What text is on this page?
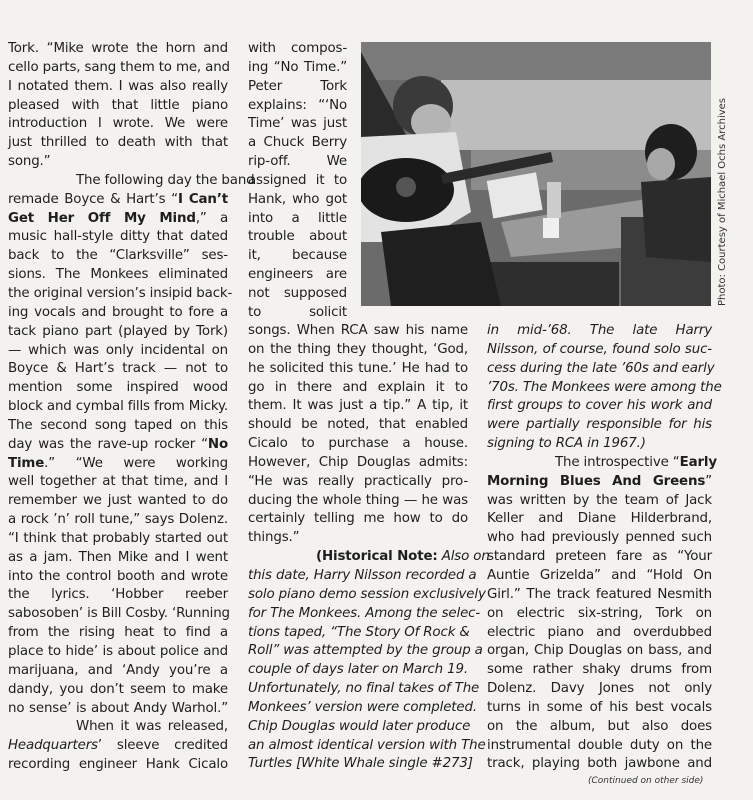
Tork. “Mike wrote the horn and
cello parts, sang them to me, and
I notated them. I was also really
pleased with that little piano
introduction I wrote. We were
just thrilled to death with that
song.”
The following day the band
remade Boyce & Hart’s “I Can’t
Get Her Off My Mind,” a
music hall-style ditty that dated
back to the “Clarksville” ses-
sions. The Monkees eliminated
the original version’s insipid back-
ing vocals and brought to fore a
tack piano part (played by Tork)
— which was only incidental on
Boyce & Hart’s track — not to
mention some inspired wood
block and cymbal fills from Micky.
The second song taped on this
day was the rave-up rocker “No
Time.” “We were working
well together at that time, and I
remember we just wanted to do
a rock ’n’ roll tune,” says Dolenz.
“I think that probably started out
as a jam. Then Mike and I went
into the control booth and wrote
the lyrics. ‘Hobber reeber
sabosoben’ is Bill Cosby. ‘Running
from the rising heat to find a
place to hide’ is about police and
marijuana, and ‘Andy you’re a
dandy, you don’t seem to make
no sense’ is about Andy Warhol.”
When it was released,
Headquarters’ sleeve credited
recording engineer Hank Cicalo
with compos-
ing “No Time.”
Peter Tork
explains: “‘No
Time’ was just
a Chuck Berry
rip-off. We
assigned it to
Hank, who got
into a little
trouble about
it, because
engineers are
not supposed
to solicit
songs. When RCA saw his name
on the thing they thought, ‘God,
he solicited this tune.’ He had to
go in there and explain it to
them. It was just a tip.” A tip, it
should be noted, that enabled
Cicalo to purchase a house.
However, Chip Douglas admits:
“He was really practically pro-
ducing the whole thing — he was
certainly telling me how to do
things.”
(Historical Note: Also on
this date, Harry Nilsson recorded a
solo piano demo session exclusively
for The Monkees. Among the selec-
tions taped, “The Story Of Rock &
Roll” was attempted by the group a
couple of days later on March 19.
Unfortunately, no final takes of The
Monkees’ version were completed.
Chip Douglas would later produce
an almost identical version with The
Turtles [White Whale single #273]
in mid-’68. The late Harry
Nilsson, of course, found solo suc-
cess during the late ’60s and early
’70s. The Monkees were among the
first groups to cover his work and
were partially responsible for his
signing to RCA in 1967.)
The introspective “Early
Morning Blues And Greens”
was written by the team of Jack
Keller and Diane Hilderbrand,
who had previously penned such
standard preteen fare as “Your
Auntie Grizelda” and “Hold On
Girl.” The track featured Nesmith
on electric six-string, Tork on
electric piano and overdubbed
organ, Chip Douglas on bass, and
some rather shaky drums from
Dolenz. Davy Jones not only
turns in some of his best vocals
on the album, but also does
instrumental double duty on the
track, playing both jawbone and
Photo: Courtesy of Michael Ochs Archives
(Continued on other side)
